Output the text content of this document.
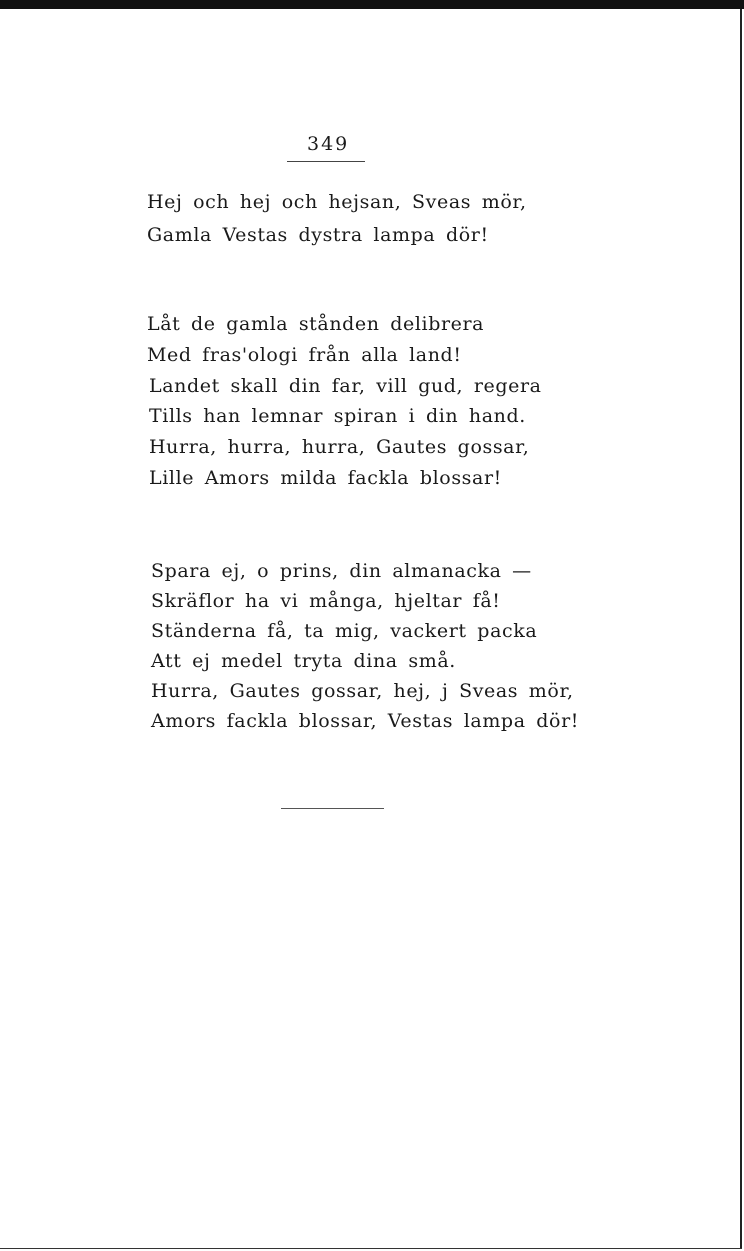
349
Hej och hej och hejsan, Sveas mör,
Gamla Vestas dystra lampa dör!
Låt de gamla stånden delibrera
Med fras'ologi från alla land!
Landet skall din far, vill gud, regera
Tills han lemnar spiran i din hand.
Hurra, hurra, hurra, Gautes gossar,
Lille Amors milda fackla blossar!
Spara ej, o prins, din almanacka —
Skräflor ha vi många, hjeltar få!
Ständerna få, ta mig, vackert packa
Att ej medel tryta dina små.
Hurra, Gautes gossar, hej, j Sveas mör,
Amors fackla blossar, Vestas lampa dör!
